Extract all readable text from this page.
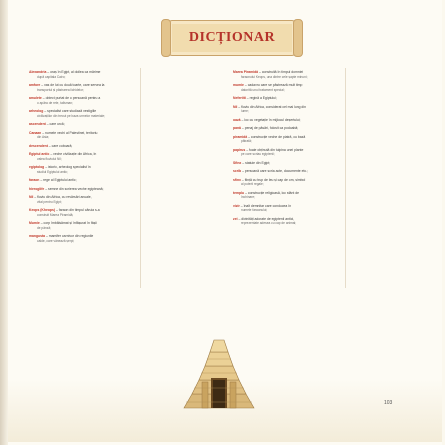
DICȚIONAR
Alexandria – oraș în Egipt, al doilea ca mărime
după capitala Cairo;
amfore – vas de lut cu două toarte, care servea la
transportul și păstrarea lichidelor;
amulete – obiect purtat de o persoană pentru a
o apăra de rele, talisman;
arheolog – specialist care studiază vestigiile
civilizațiilor din trecut pe baza urmelor materiale;
ascendent – care urcă;
Canaan – numele vechi al Palestinei, teritoriu
din Asia;
descendent – care coboară;
Egiptul antic – veche civilizație din Africa, în
valea fluviului Nil;
egiptolog – istoric, arheolog specialist în
studiul Egiptului antic;
faraon – rege al Egiptului antic;
hieroglife – semne din scrierea veche egipteană;
Nil – fluviu din Africa, cu revărsări anuale,
vital pentru Egipt;
Keops (Kheops) – faraon din timpul căruia s-a
construit Marea Piramidă;
Mumie – corp îmbălsămat și înfășurat în fâșii
de pânză;
mangusta – mamifer carnivor din regiunile
calde, care vânează șerpi;
Marea Piramidă – construită în timpul domniei
faraonului Keops, una dintre cele șapte minuni;
mumie – cadavru care se păstrează mult timp
datorită unui tratament special;
Nefertiti – regină a Egiptului;
Nil – fluviu din Africa, considerat cel mai lung din
lume;
oază – loc cu vegetație în mijlocul deșertului;
pană – penaj de păsări, folosit ca podoabă;
piramidă – construcție veche de piatră, cu bază
pătrată;
papirus – foaie obținută din tulpina unei plante
pe care scriau egiptenii;
Sfinx – statuie din Egipt;
scrib – persoană care scria acte, documente etc.;
sfinx – ființă cu trup de leu și cap de om, simbol
al puterii regale;
templu – construcție religioasă, loc sfânt de
închinare;
vizir – înalt demnitar care conducea în
numele faraonului;
zei – divinități adorate de egiptenii antici,
reprezentate adesea cu cap de animal;
103
